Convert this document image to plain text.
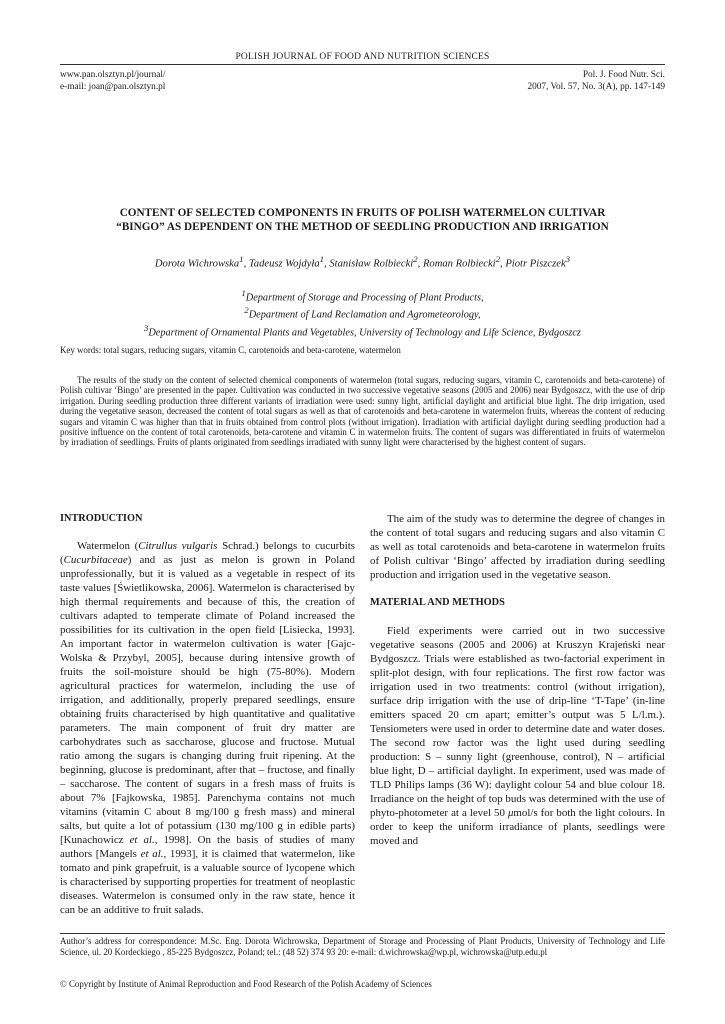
POLISH JOURNAL OF FOOD AND NUTRITION SCIENCES
www.pan.olsztyn.pl/journal/
e-mail: joan@pan.olsztyn.pl
Pol. J. Food Nutr. Sci.
2007, Vol. 57, No. 3(A), pp. 147-149
CONTENT OF SELECTED COMPONENTS IN FRUITS OF POLISH WATERMELON CULTIVAR
“BINGO” AS DEPENDENT ON THE METHOD OF SEEDLING PRODUCTION AND IRRIGATION
Dorota Wichrowska$^1$, Tadeusz Wojdyła$^1$, Stanisław Rolbiecki$^2$, Roman Rolbiecki$^2$, Piotr Piszczek$^3$
$^1$Department of Storage and Processing of Plant Products,
$^2$Department of Land Reclamation and Agrometeorology,
$^3$Department of Ornamental Plants and Vegetables, University of Technology and Life Science, Bydgoszcz
Key words: total sugars, reducing sugars, vitamin C, carotenoids and beta-carotene, watermelon
The results of the study on the content of selected chemical components of watermelon (total sugars, reducing sugars, vitamin C, carotenoids and beta-carotene) of Polish cultivar ‘Bingo’ are presented in the paper. Cultivation was conducted in two successive vegetative seasons (2005 and 2006) near Bydgoszcz, with the use of drip irrigation. During seedling production three different variants of irradiation were used: sunny light, artificial daylight and artificial blue light. The drip irrigation, used during the vegetative season, decreased the content of total sugars as well as that of carotenoids and beta-carotene in watermelon fruits, whereas the content of reducing sugars and vitamin C was higher than that in fruits obtained from control plots (without irrigation). Irradiation with artificial daylight during seedling production had a positive influence on the content of total carotenoids, beta-carotene and vitamin C in watermelon fruits. The content of sugars was differentiated in fruits of watermelon by irradiation of seedlings. Fruits of plants originated from seedlings irradiated with sunny light were characterised by the highest content of sugars.
INTRODUCTION

Watermelon (Citrullus vulgaris Schrad.) belongs to cucurbits (Cucurbitaceae) and as just as melon is grown in Poland unprofessionally, but it is valued as a vegetable in respect of its taste values [Świetlikowska, 2006]. Watermelon is characterised by high thermal requirements and because of this, the creation of cultivars adapted to temperate climate of Poland increased the possibilities for its cultivation in the open field [Lisiecka, 1993]. An important factor in watermelon cultivation is water [Gajc-Wolska & Przybyl, 2005], because during intensive growth of fruits the soil-moisture should be high (75-80%). Modern agricultural practices for watermelon, including the use of irrigation, and additionally, properly prepared seedlings, ensure obtaining fruits characterised by high quantitative and qualitative parameters. The main component of fruit dry matter are carbohydrates such as saccharose, glucose and fructose. Mutual ratio among the sugars is changing during fruit ripening. At the beginning, glucose is predominant, after that – fructose, and finally – saccharose. The content of sugars in a fresh mass of fruits is about 7% [Fajkowska, 1985]. Parenchyma contains not much vitamins (vitamin C about 8 mg/100 g fresh mass) and mineral salts, but quite a lot of potassium (130 mg/100 g in edible parts) [Kunachowicz et al., 1998]. On the basis of studies of many authors [Mangels et al., 1993], it is claimed that watermelon, like tomato and pink grapefruit, is a valuable source of lycopene which is characterised by supporting properties for treatment of neoplastic diseases. Watermelon is consumed only in the raw state, hence it can be an additive to fruit salads.

The aim of the study was to determine the degree of changes in the content of total sugars and reducing sugars and also vitamin C as well as total carotenoids and beta-carotene in watermelon fruits of Polish cultivar ‘Bingo’ affected by irradiation during seedling production and irrigation used in the vegetative season.

MATERIAL AND METHODS

Field experiments were carried out in two successive vegetative seasons (2005 and 2006) at Kruszyn Krajeński near Bydgoszcz. Trials were established as two-factorial experiment in split-plot design, with four replications. The first row factor was irrigation used in two treatments: control (without irrigation), surface drip irrigation with the use of drip-line ‘T-Tape’ (in-line emitters spaced 20 cm apart; emitter’s output was 5 L/l.m.). Tensiometers were used in order to determine date and water doses. The second row factor was the light used during seedling production: S – sunny light (greenhouse, control), N – artificial blue light, D – artificial daylight. In experiment, used was made of TLD Philips lamps (36 W): daylight colour 54 and blue colour 18. Irradiance on the height of top buds was determined with the use of phyto-photometer at a level 50 μmol/s for both the light colours. In order to keep the uniform irradiance of plants, seedlings were moved and

Author’s address for correspondence: M.Sc. Eng. Dorota Wichrowska, Department of Storage and Processing of Plant Products, University of Technology and Life Science, ul. 20 Kordeckiego , 85-225 Bydgoszcz, Poland; tel.: (48 52) 374 93 20: e-mail: d.wichrowska@wp.pl, wichrowska@utp.edu.pl
© Copyright by Institute of Animal Reproduction and Food Research of the Polish Academy of Sciences
